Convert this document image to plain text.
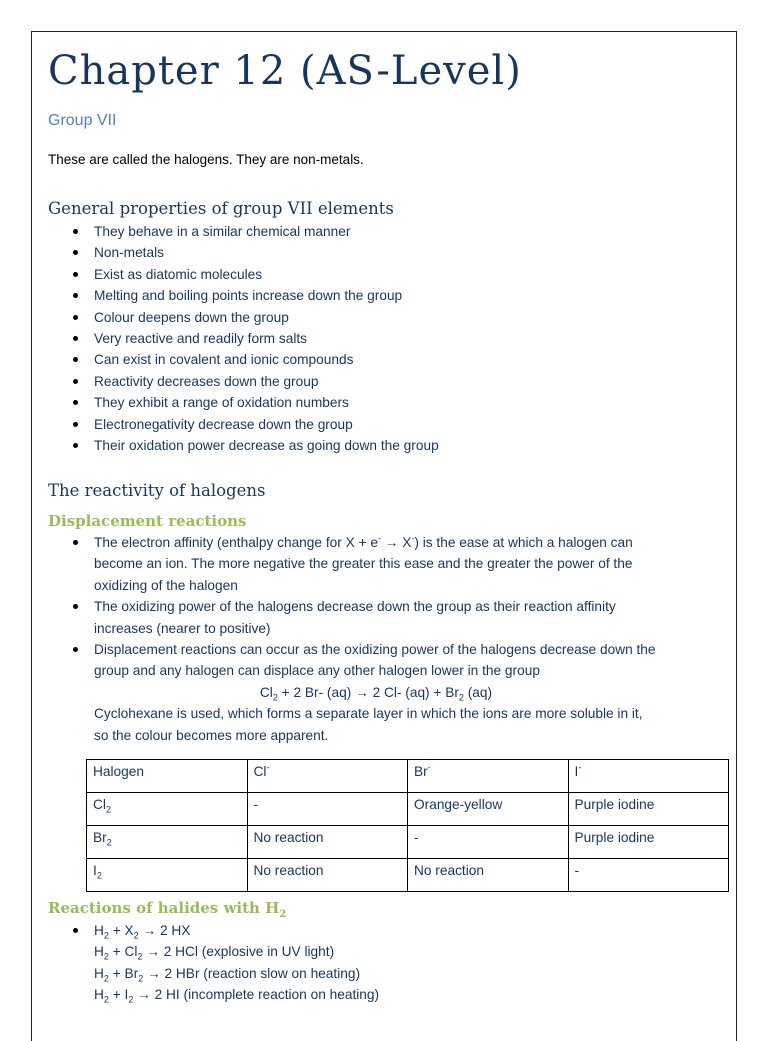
Chapter 12 (AS-Level)
Group VII
These are called the halogens. They are non-metals.
General properties of group VII elements
They behave in a similar chemical manner
Non-metals
Exist as diatomic molecules
Melting and boiling points increase down the group
Colour deepens down the group
Very reactive and readily form salts
Can exist in covalent and ionic compounds
Reactivity decreases down the group
They exhibit a range of oxidation numbers
Electronegativity decrease down the group
Their oxidation power decrease as going down the group
The reactivity of halogens
Displacement reactions
The electron affinity (enthalpy change for X + e- → X-) is the ease at which a halogen can
become an ion. The more negative the greater this ease and the greater the power of the
oxidizing of the halogen
The oxidizing power of the halogens decrease down the group as their reaction affinity
increases (nearer to positive)
Displacement reactions can occur as the oxidizing power of the halogens decrease down the
group and any halogen can displace any other halogen lower in the group
$Cl_2 + 2$ Br- (aq) → 2 Cl- $(aq) + Br_2$ (aq)
Cyclohexane is used, which forms a separate layer in which the ions are more soluble in it,
so the colour becomes more apparent.
Halogen	Cl-	Br-	I-
$Cl_2$	-	Orange-yellow	Purple iodine
$Br_2$	No reaction	-	Purple iodine
$I_2$	No reaction	No reaction	-
Reactions of halides with $H_2$
$H_2 + X_2 \to 2$ HX
$H_2 + Cl_2 \to 2$ HCl (explosive in UV light)
$H_2 + Br_2 \to 2$ HBr (reaction slow on heating)
$H_2 + I_2 \to 2$ HI (incomplete reaction on heating)
